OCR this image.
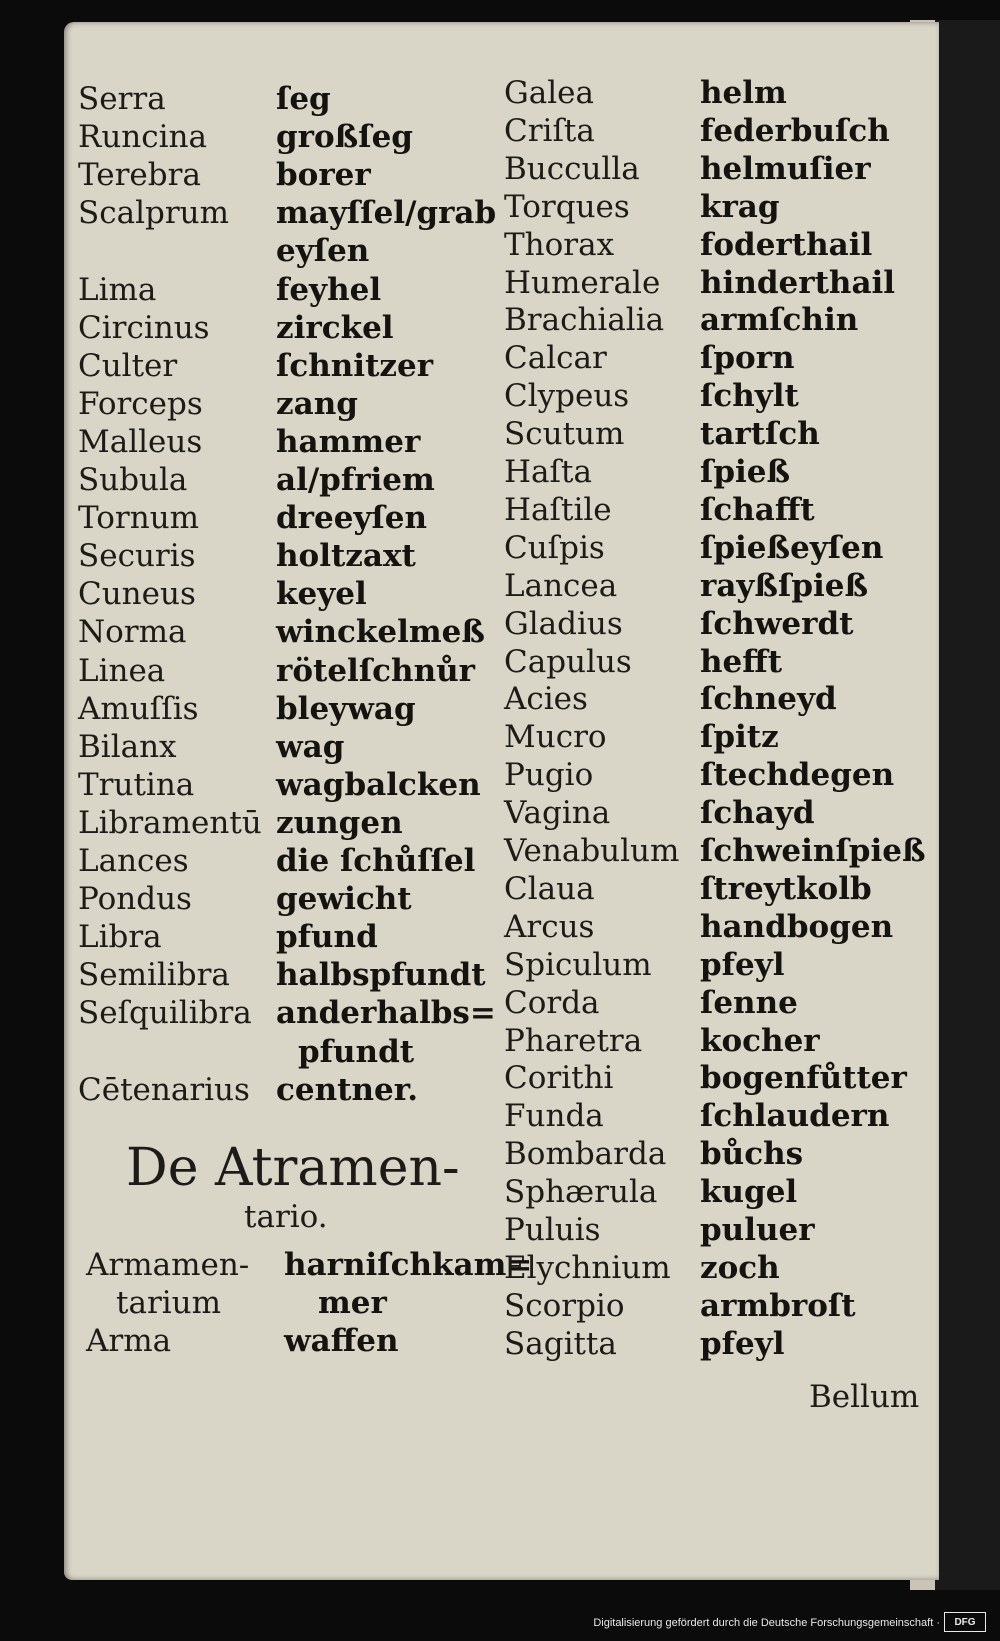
Serra	ſeg
Runcina großſeg
Terebra borer
Scalprum mayſſel/grab
eyſen
Lima	feyhel
Circinus zirckel
Culter	ſchnitzer
Forceps zang
Malleus hammer
Subula	al/pfriem
Tornum dreeyſen
Securis	holtzaxt
Cuneus	keyel
Norma	winckelmeß
Linea	rötelſchnůr
Amuſſis bleywag
Bilanx	wag
Trutina	wagbalcken
Libramentū zungen
Lances	die ſchůſſel
Pondus	gewicht
Libra	pfund
Semilibra halbspfundt
Seſquilibra anderhalbs=
pfundt
Cētenarius centner.
De Atramen-
tario.
Armamen- harniſchkam=
tarium	mer
Arma	waffen
Galea	helm
Criſta	federbuſch
Bucculla helmuſier
Torques krag
Thorax	foderthail
Humerale hinderthail
Brachialia armſchin
Calcar	ſporn
Clypeus ſchylt
Scutum tartſch
Haſta	ſpieß
Haſtile	ſchafft
Cuſpis	ſpießeyſen
Lancea	rayßſpieß
Gladius ſchwerdt
Capulus hefft
Acies	ſchneyd
Mucro	ſpitz
Pugio	ſtechdegen
Vagina	ſchayd
Venabulum ſchweinſpieß
Claua	ſtreytkolb
Arcus	handbogen
Spiculum pfeyl
Corda	ſenne
Pharetra kocher
Corithi	bogenfůtter
Funda	ſchlaudern
Bombarda bůchs
Sphærula kugel
Puluis	puluer
Elychnium zoch
Scorpio armbroſt
Sagitta	pfeyl
Bellum
Digitalisierung gefördert durch die Deutsche Forschungsgemeinschaft ·	DFG
